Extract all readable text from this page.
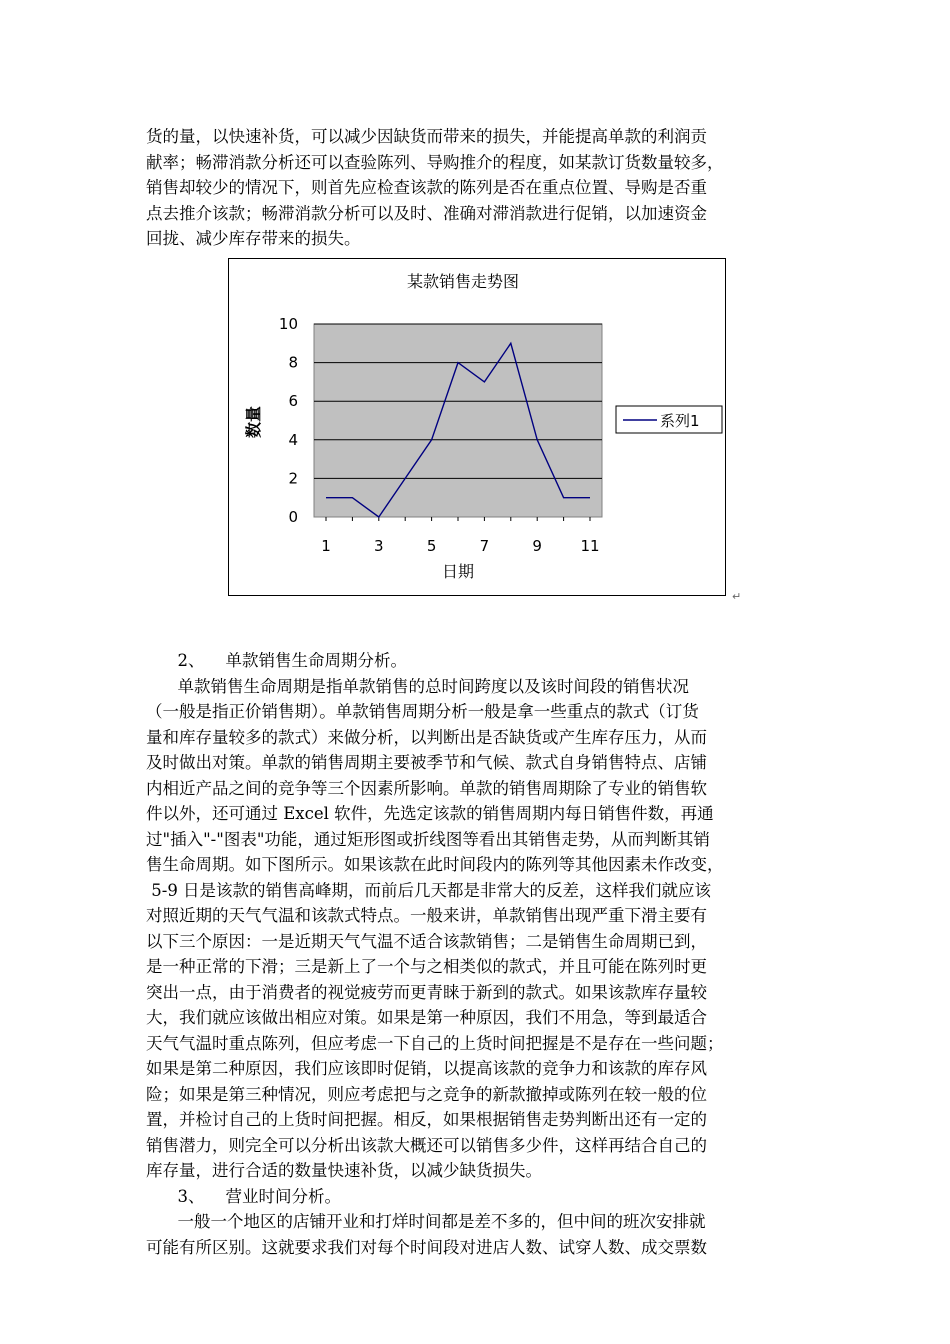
货的量，以快速补货，可以减少因缺货而带来的损失，并能提高单款的利润贡
献率；畅滞消款分析还可以查验陈列、导购推介的程度，如某款订货数量较多，
销售却较少的情况下，则首先应检查该款的陈列是否在重点位置、导购是否重
点去推介该款；畅滞消款分析可以及时、准确对滞消款进行促销，以加速资金
回拢、减少库存带来的损失。
某款销售走势图
0
2
4
6
8
10
1	3	5	7	9	11
日期
数量	系列1
↵
2、    单款销售生命周期分析。
单款销售生命周期是指单款销售的总时间跨度以及该时间段的销售状况
（一般是指正价销售期）。单款销售周期分析一般是拿一些重点的款式（订货
量和库存量较多的款式）来做分析，以判断出是否缺货或产生库存压力，从而
及时做出对策。单款的销售周期主要被季节和气候、款式自身销售特点、店铺
内相近产品之间的竞争等三个因素所影响。单款的销售周期除了专业的销售软
件以外，还可通过 Excel 软件，先选定该款的销售周期内每日销售件数，再通
过"插入"-"图表"功能，通过矩形图或折线图等看出其销售走势，从而判断其销
售生命周期。如下图所示。如果该款在此时间段内的陈列等其他因素未作改变，
5-9 日是该款的销售高峰期，而前后几天都是非常大的反差，这样我们就应该
对照近期的天气气温和该款式特点。一般来讲，单款销售出现严重下滑主要有
以下三个原因：一是近期天气气温不适合该款销售；二是销售生命周期已到，
是一种正常的下滑；三是新上了一个与之相类似的款式，并且可能在陈列时更
突出一点，由于消费者的视觉疲劳而更青睐于新到的款式。如果该款库存量较
大，我们就应该做出相应对策。如果是第一种原因，我们不用急，等到最适合
天气气温时重点陈列，但应考虑一下自己的上货时间把握是不是存在一些问题；
如果是第二种原因，我们应该即时促销，以提高该款的竞争力和该款的库存风
险；如果是第三种情况，则应考虑把与之竞争的新款撤掉或陈列在较一般的位
置，并检讨自己的上货时间把握。相反，如果根据销售走势判断出还有一定的
销售潜力，则完全可以分析出该款大概还可以销售多少件，这样再结合自己的
库存量，进行合适的数量快速补货，以减少缺货损失。
3、    营业时间分析。
一般一个地区的店铺开业和打烊时间都是差不多的，但中间的班次安排就
可能有所区别。这就要求我们对每个时间段对进店人数、试穿人数、成交票数
